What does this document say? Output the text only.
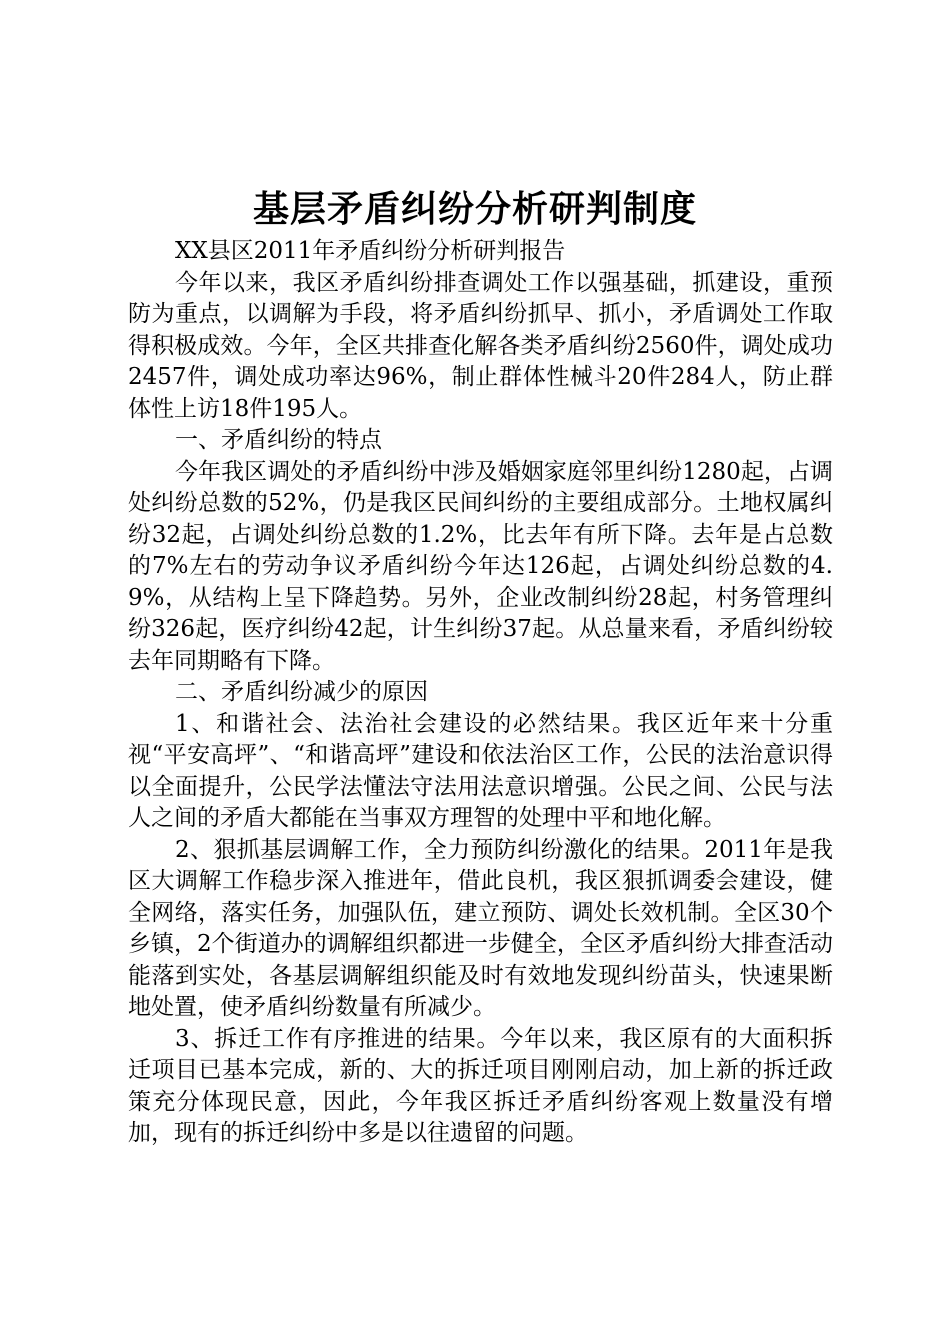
基层矛盾纠纷分析研判制度

XX县区2011年矛盾纠纷分析研判报告

今年以来，我区矛盾纠纷排查调处工作以强基础，抓建设，重预防为重点，以调解为手段，将矛盾纠纷抓早、抓小，矛盾调处工作取得积极成效。今年，全区共排查化解各类矛盾纠纷2560件，调处成功2457件，调处成功率达96%，制止群体性械斗20件284人，防止群体性上访18件195人。

一、矛盾纠纷的特点

今年我区调处的矛盾纠纷中涉及婚姻家庭邻里纠纷1280起，占调处纠纷总数的52%，仍是我区民间纠纷的主要组成部分。土地权属纠纷32起，占调处纠纷总数的1.2%，比去年有所下降。去年是占总数的7%左右的劳动争议矛盾纠纷今年达126起，占调处纠纷总数的4.9%，从结构上呈下降趋势。另外，企业改制纠纷28起，村务管理纠纷326起，医疗纠纷42起，计生纠纷37起。从总量来看，矛盾纠纷较去年同期略有下降。

二、矛盾纠纷减少的原因

1、和谐社会、法治社会建设的必然结果。我区近年来十分重视“平安高坪”、“和谐高坪”建设和依法治区工作，公民的法治意识得以全面提升，公民学法懂法守法用法意识增强。公民之间、公民与法人之间的矛盾大都能在当事双方理智的处理中平和地化解。

2、狠抓基层调解工作，全力预防纠纷激化的结果。2011年是我区大调解工作稳步深入推进年，借此良机，我区狠抓调委会建设，健全网络，落实任务，加强队伍，建立预防、调处长效机制。全区30个乡镇，2个街道办的调解组织都进一步健全，全区矛盾纠纷大排查活动能落到实处，各基层调解组织能及时有效地发现纠纷苗头，快速果断地处置，使矛盾纠纷数量有所减少。

3、拆迁工作有序推进的结果。今年以来，我区原有的大面积拆迁项目已基本完成，新的、大的拆迁项目刚刚启动，加上新的拆迁政策充分体现民意，因此，今年我区拆迁矛盾纠纷客观上数量没有增加，现有的拆迁纠纷中多是以往遗留的问题。
